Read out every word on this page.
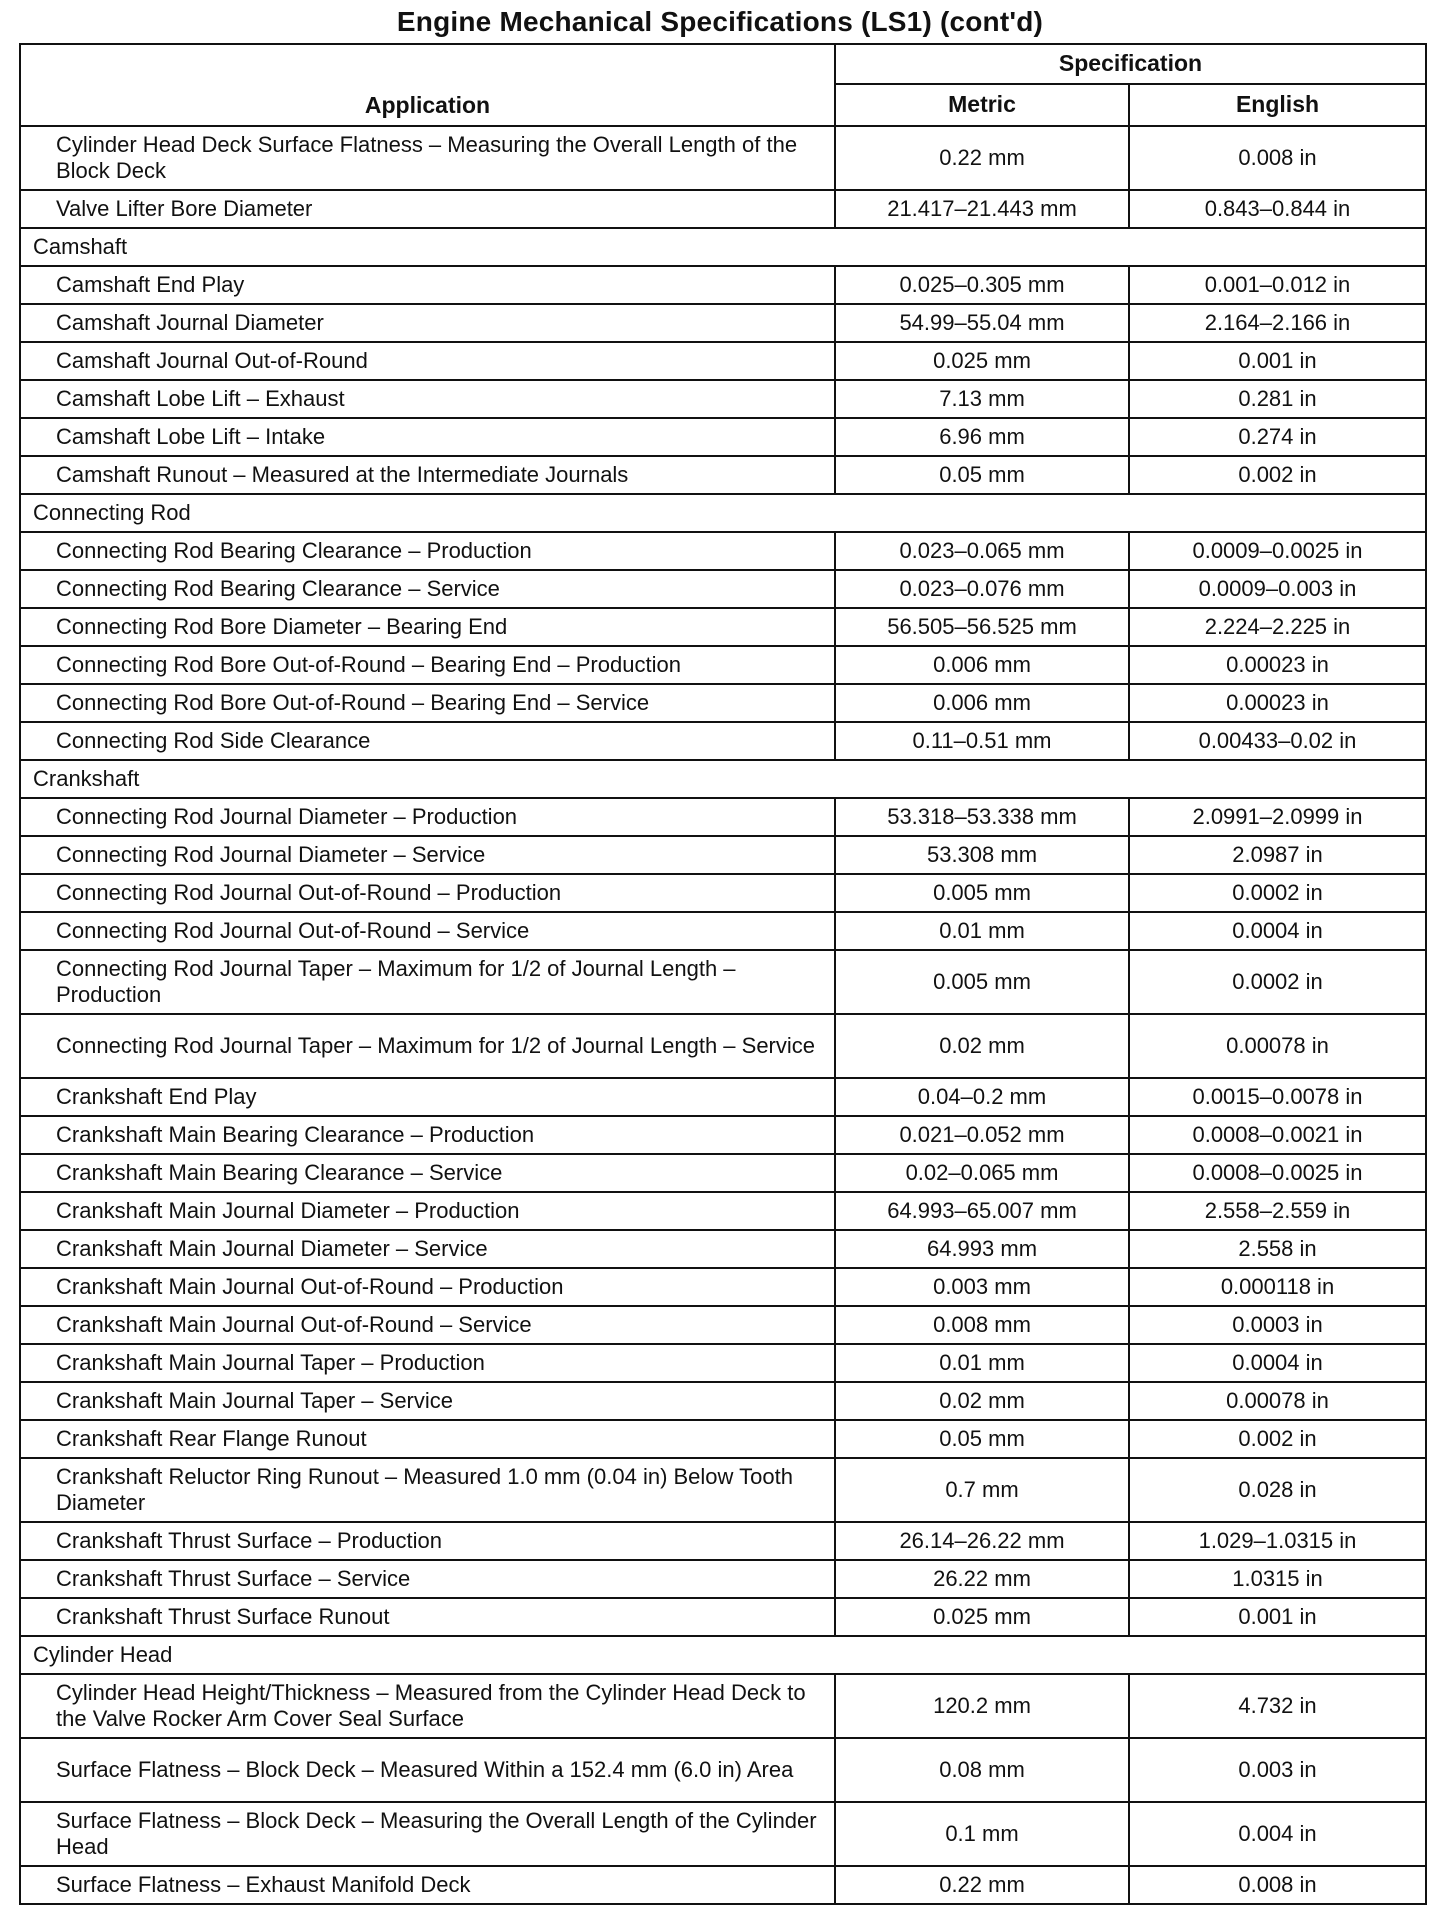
Engine Mechanical Specifications (LS1) (cont'd)
Application	Specification	
	Metric	English
Cylinder Head Deck Surface Flatness – Measuring the Overall Length of the Block Deck	0.22 mm	0.008 in
Valve Lifter Bore Diameter	21.417–21.443 mm	0.843–0.844 in
Camshaft		
Camshaft End Play	0.025–0.305 mm	0.001–0.012 in
Camshaft Journal Diameter	54.99–55.04 mm	2.164–2.166 in
Camshaft Journal Out-of-Round	0.025 mm	0.001 in
Camshaft Lobe Lift – Exhaust	7.13 mm	0.281 in
Camshaft Lobe Lift – Intake	6.96 mm	0.274 in
Camshaft Runout – Measured at the Intermediate Journals	0.05 mm	0.002 in
Connecting Rod		
Connecting Rod Bearing Clearance – Production	0.023–0.065 mm	0.0009–0.0025 in
Connecting Rod Bearing Clearance – Service	0.023–0.076 mm	0.0009–0.003 in
Connecting Rod Bore Diameter – Bearing End	56.505–56.525 mm	2.224–2.225 in
Connecting Rod Bore Out-of-Round – Bearing End – Production	0.006 mm	0.00023 in
Connecting Rod Bore Out-of-Round – Bearing End – Service	0.006 mm	0.00023 in
Connecting Rod Side Clearance	0.11–0.51 mm	0.00433–0.02 in
Crankshaft		
Connecting Rod Journal Diameter – Production	53.318–53.338 mm	2.0991–2.0999 in
Connecting Rod Journal Diameter – Service	53.308 mm	2.0987 in
Connecting Rod Journal Out-of-Round – Production	0.005 mm	0.0002 in
Connecting Rod Journal Out-of-Round – Service	0.01 mm	0.0004 in
Connecting Rod Journal Taper – Maximum for 1/2 of Journal Length – Production	0.005 mm	0.0002 in
Connecting Rod Journal Taper – Maximum for 1/2 of Journal Length – Service	0.02 mm	0.00078 in
Crankshaft End Play	0.04–0.2 mm	0.0015–0.0078 in
Crankshaft Main Bearing Clearance – Production	0.021–0.052 mm	0.0008–0.0021 in
Crankshaft Main Bearing Clearance – Service	0.02–0.065 mm	0.0008–0.0025 in
Crankshaft Main Journal Diameter – Production	64.993–65.007 mm	2.558–2.559 in
Crankshaft Main Journal Diameter – Service	64.993 mm	2.558 in
Crankshaft Main Journal Out-of-Round – Production	0.003 mm	0.000118 in
Crankshaft Main Journal Out-of-Round – Service	0.008 mm	0.0003 in
Crankshaft Main Journal Taper – Production	0.01 mm	0.0004 in
Crankshaft Main Journal Taper – Service	0.02 mm	0.00078 in
Crankshaft Rear Flange Runout	0.05 mm	0.002 in
Crankshaft Reluctor Ring Runout – Measured 1.0 mm (0.04 in) Below Tooth Diameter	0.7 mm	0.028 in
Crankshaft Thrust Surface – Production	26.14–26.22 mm	1.029–1.0315 in
Crankshaft Thrust Surface – Service	26.22 mm	1.0315 in
Crankshaft Thrust Surface Runout	0.025 mm	0.001 in
Cylinder Head		
Cylinder Head Height/Thickness – Measured from the Cylinder Head Deck to the Valve Rocker Arm Cover Seal Surface	120.2 mm	4.732 in
Surface Flatness – Block Deck – Measured Within a 152.4 mm (6.0 in) Area	0.08 mm	0.003 in
Surface Flatness – Block Deck – Measuring the Overall Length of the Cylinder Head	0.1 mm	0.004 in
Surface Flatness – Exhaust Manifold Deck	0.22 mm	0.008 in
